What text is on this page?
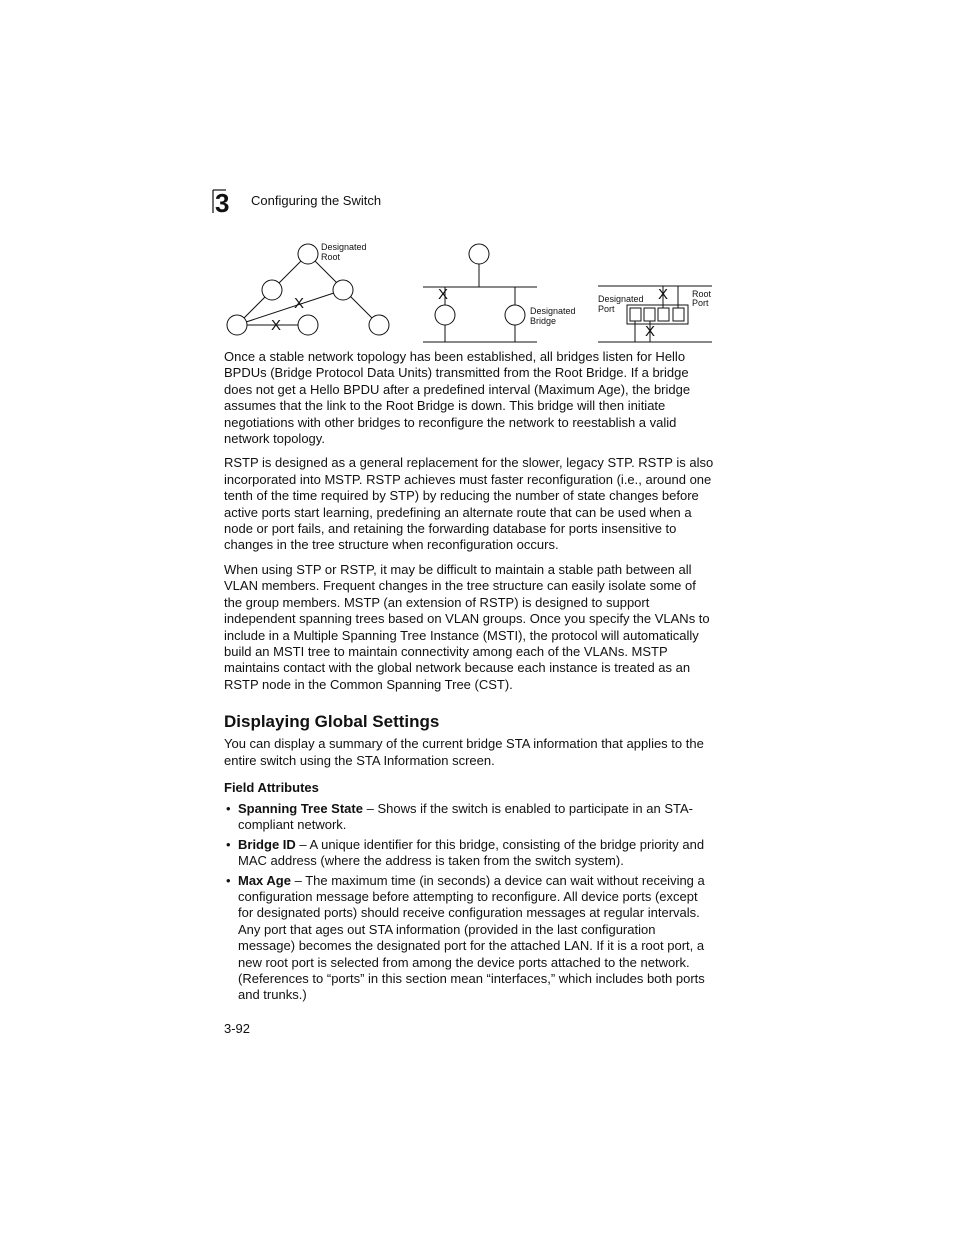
3 Configuring the Switch
Designated
Root
X
X
X
Designated
Bridge
Designated
Port
Root
Port
X
X

Once a stable network topology has been established, all bridges listen for Hello BPDUs (Bridge Protocol Data Units) transmitted from the Root Bridge. If a bridge does not get a Hello BPDU after a predefined interval (Maximum Age), the bridge assumes that the link to the Root Bridge is down. This bridge will then initiate negotiations with other bridges to reconfigure the network to reestablish a valid network topology.

RSTP is designed as a general replacement for the slower, legacy STP. RSTP is also incorporated into MSTP. RSTP achieves must faster reconfiguration (i.e., around one tenth of the time required by STP) by reducing the number of state changes before active ports start learning, predefining an alternate route that can be used when a node or port fails, and retaining the forwarding database for ports insensitive to changes in the tree structure when reconfiguration occurs.

When using STP or RSTP, it may be difficult to maintain a stable path between all VLAN members. Frequent changes in the tree structure can easily isolate some of the group members. MSTP (an extension of RSTP) is designed to support independent spanning trees based on VLAN groups. Once you specify the VLANs to include in a Multiple Spanning Tree Instance (MSTI), the protocol will automatically build an MSTI tree to maintain connectivity among each of the VLANs. MSTP maintains contact with the global network because each instance is treated as an RSTP node in the Common Spanning Tree (CST).

Displaying Global Settings

You can display a summary of the current bridge STA information that applies to the entire switch using the STA Information screen.

Field Attributes
• Spanning Tree State – Shows if the switch is enabled to participate in an STA-compliant network.
• Bridge ID – A unique identifier for this bridge, consisting of the bridge priority and MAC address (where the address is taken from the switch system).
• Max Age – The maximum time (in seconds) a device can wait without receiving a configuration message before attempting to reconfigure. All device ports (except for designated ports) should receive configuration messages at regular intervals. Any port that ages out STA information (provided in the last configuration message) becomes the designated port for the attached LAN. If it is a root port, a new root port is selected from among the device ports attached to the network. (References to “ports” in this section mean “interfaces,” which includes both ports and trunks.)
3-92
